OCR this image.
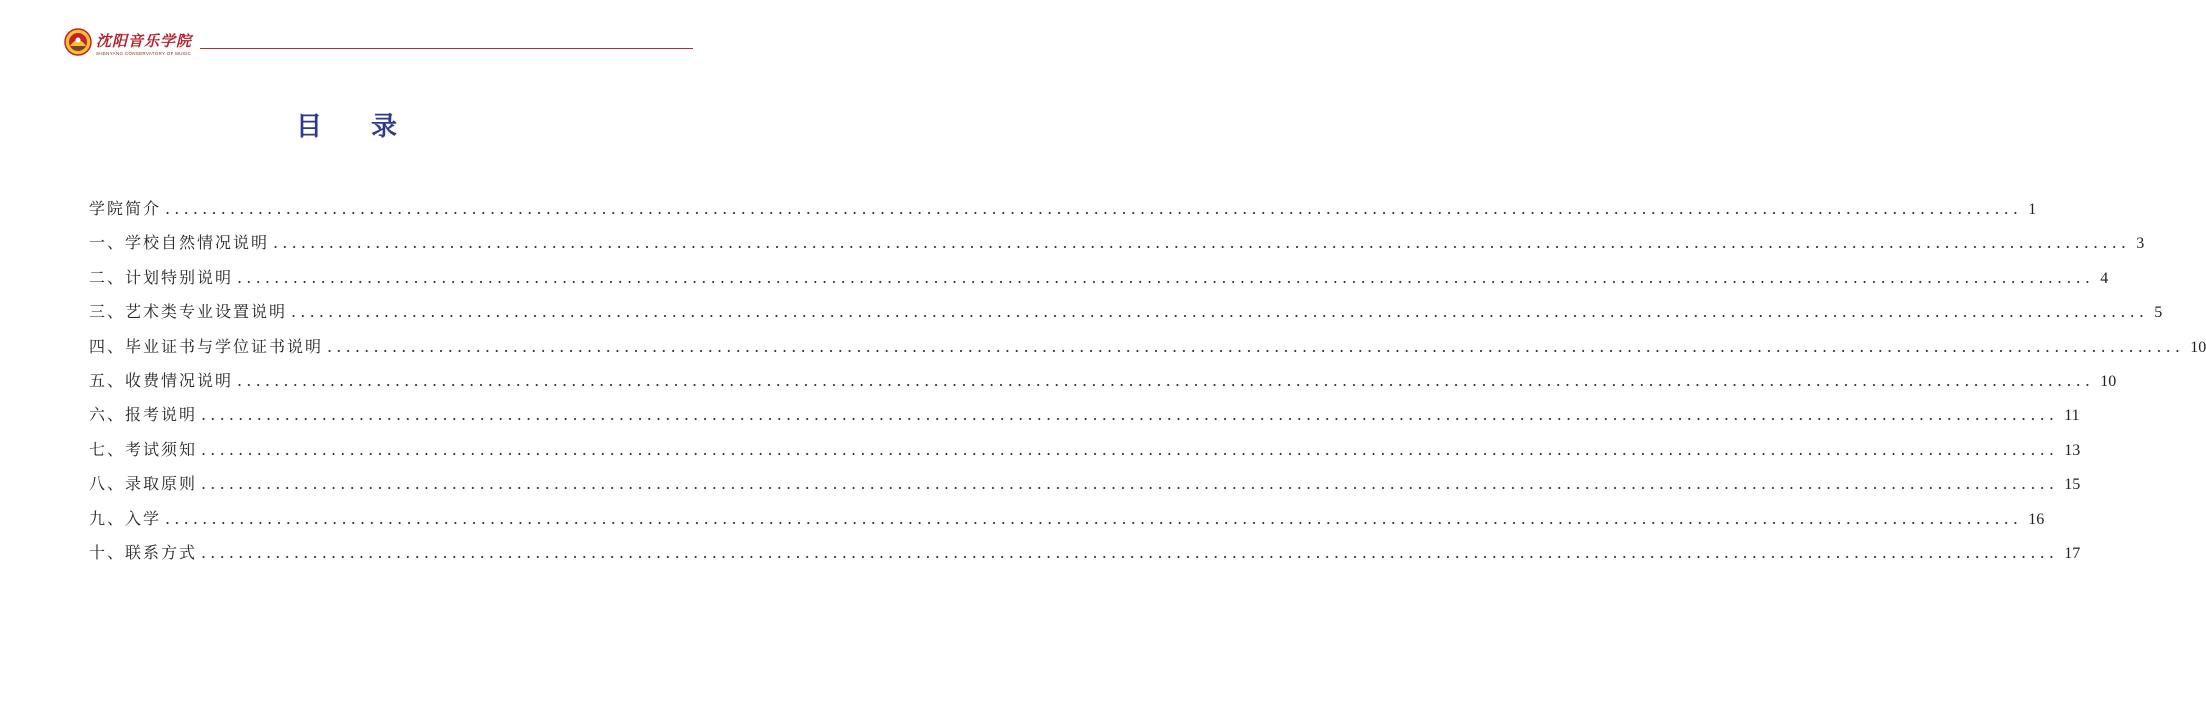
沈阳音乐学院
SHENYANG CONSERVATORY OF MUSIC
目 录
学院简介 ........................................................................................................................................................................................................ 1
一、学校自然情况说明 ........................................................................................................................................................................................................ 3
二、计划特别说明 ........................................................................................................................................................................................................ 4
三、艺术类专业设置说明 ........................................................................................................................................................................................................ 5
四、毕业证书与学位证书说明 ........................................................................................................................................................................................................ 10
五、收费情况说明 ........................................................................................................................................................................................................ 10
六、报考说明 ........................................................................................................................................................................................................ 11
七、考试须知 ........................................................................................................................................................................................................ 13
八、录取原则 ........................................................................................................................................................................................................ 15
九、入学 ........................................................................................................................................................................................................ 16
十、联系方式 ........................................................................................................................................................................................................ 17
